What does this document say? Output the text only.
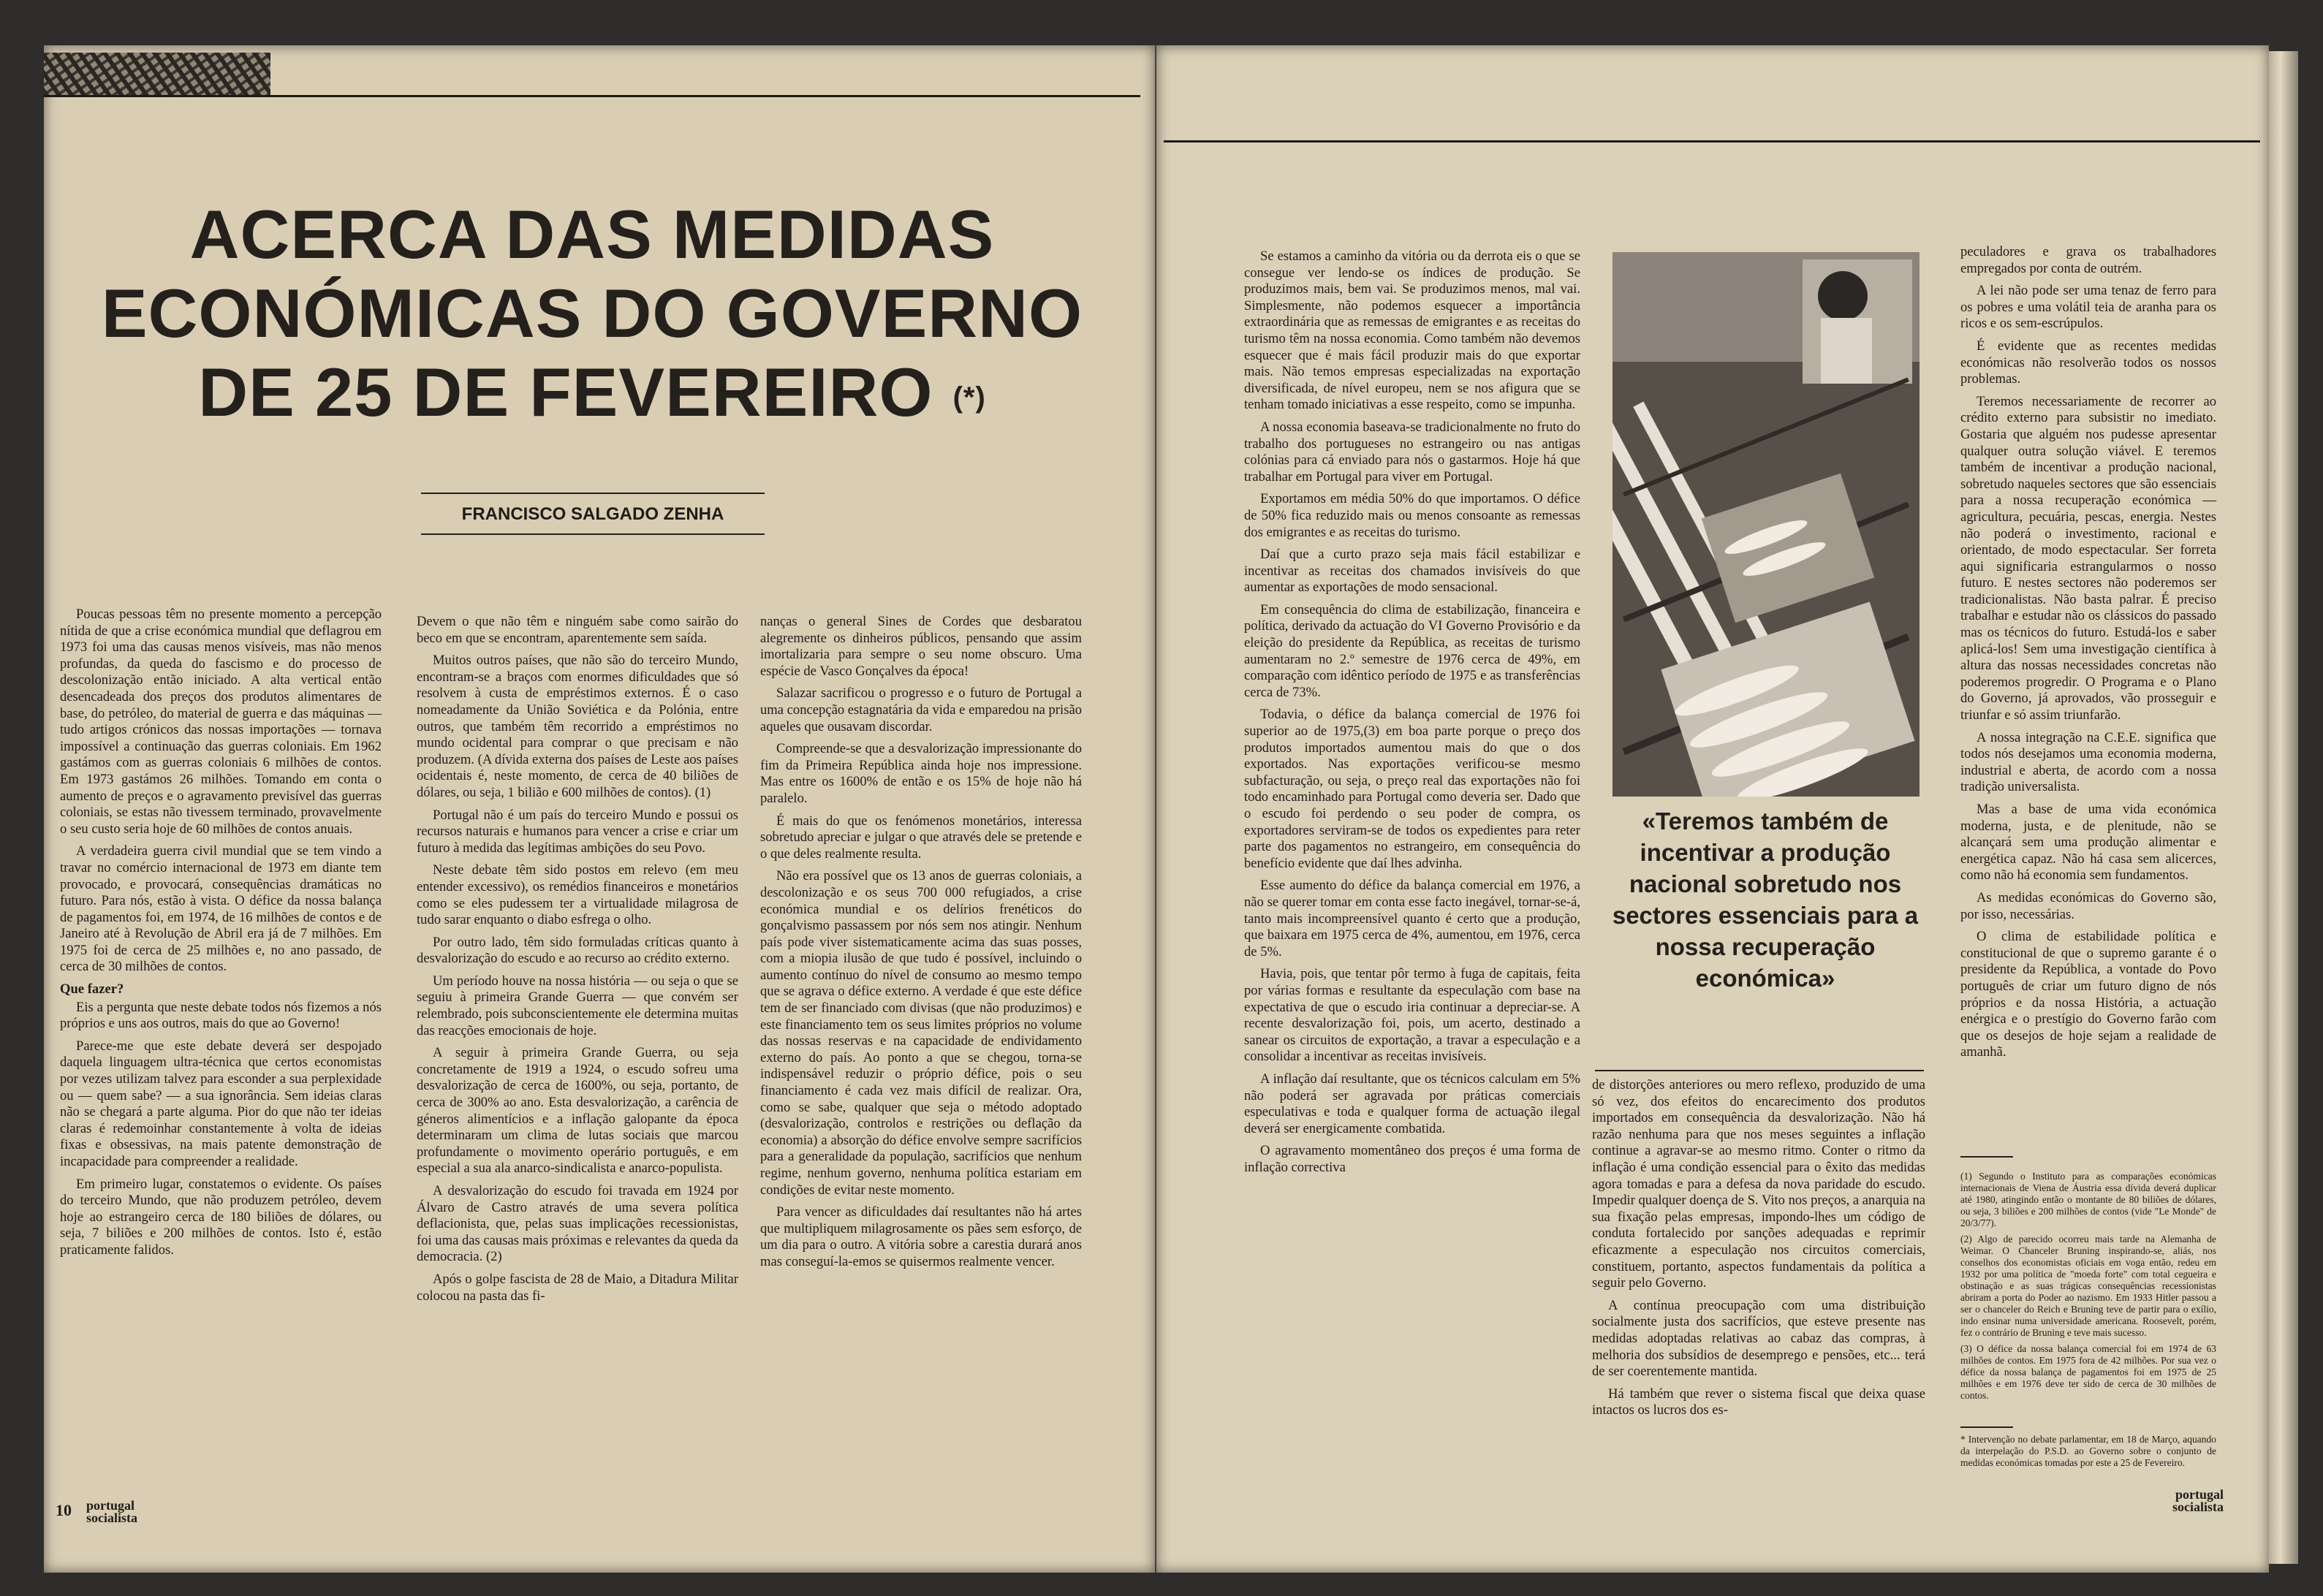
ACERCA DAS MEDIDAS
ECONÓMICAS DO GOVERNO
DE 25 DE FEVEREIRO (*)
FRANCISCO SALGADO ZENHA

Poucas pessoas têm no presente momento a percepção nítida de que a crise económica mundial que deflagrou em 1973 foi uma das causas menos visíveis, mas não menos profundas, da queda do fascismo e do processo de descolonização então iniciado. A alta vertical então desencadeada dos preços dos produtos alimentares de base, do petróleo, do material de guerra e das máquinas — tudo artigos crónicos das nossas importações — tornava impossível a continuação das guerras coloniais. Em 1962 gastámos com as guerras coloniais 6 milhões de contos. Em 1973 gastámos 26 milhões. Tomando em conta o aumento de preços e o agravamento previsível das guerras coloniais, se estas não tivessem terminado, provavelmente o seu custo seria hoje de 60 milhões de contos anuais.

A verdadeira guerra civil mundial que se tem vindo a travar no comércio internacional de 1973 em diante tem provocado, e provocará, consequências dramáticas no futuro. Para nós, estão à vista. O défice da nossa balança de pagamentos foi, em 1974, de 16 milhões de contos e de Janeiro até à Revolução de Abril era já de 7 milhões. Em 1975 foi de cerca de 25 milhões e, no ano passado, de cerca de 30 milhões de contos.

Que fazer?

Eis a pergunta que neste debate todos nós fizemos a nós próprios e uns aos outros, mais do que ao Governo!

Parece-me que este debate deverá ser despojado daquela linguagem ultra-técnica que certos economistas por vezes utilizam talvez para esconder a sua perplexidade ou — quem sabe? — a sua ignorância. Sem ideias claras não se chegará a parte alguma. Pior do que não ter ideias claras é redemoinhar constantemente à volta de ideias fixas e obsessivas, na mais patente demonstração de incapacidade para compreender a realidade.

Em primeiro lugar, constatemos o evidente. Os países do terceiro Mundo, que não produzem petróleo, devem hoje ao estrangeiro cerca de 180 biliões de dólares, ou seja, 7 biliões e 200 milhões de contos. Isto é, estão praticamente falidos.

Devem o que não têm e ninguém sabe como sairão do beco em que se encontram, aparentemente sem saída.

Muitos outros países, que não são do terceiro Mundo, encontram-se a braços com enormes dificuldades que só resolvem à custa de empréstimos externos. É o caso nomeadamente da União Soviética e da Polónia, entre outros, que também têm recorrido a empréstimos no mundo ocidental para comprar o que precisam e não produzem. (A dívida externa dos países de Leste aos países ocidentais é, neste momento, de cerca de 40 biliões de dólares, ou seja, 1 bilião e 600 milhões de contos). (1)

Portugal não é um país do terceiro Mundo e possui os recursos naturais e humanos para vencer a crise e criar um futuro à medida das legítimas ambições do seu Povo.

Neste debate têm sido postos em relevo (em meu entender excessivo), os remédios financeiros e monetários como se eles pudessem ter a virtualidade milagrosa de tudo sarar enquanto o diabo esfrega o olho.

Por outro lado, têm sido formuladas críticas quanto à desvalorização do escudo e ao recurso ao crédito externo.

Um período houve na nossa história — ou seja o que se seguiu à primeira Grande Guerra — que convém ser relembrado, pois subconscientemente ele determina muitas das reacções emocionais de hoje.

A seguir à primeira Grande Guerra, ou seja concretamente de 1919 a 1924, o escudo sofreu uma desvalorização de cerca de 1600%, ou seja, portanto, de cerca de 300% ao ano. Esta desvalorização, a carência de géneros alimentícios e a inflação galopante da época determinaram um clima de lutas sociais que marcou profundamente o movimento operário português, e em especial a sua ala anarco-sindicalista e anarco-populista.

A desvalorização do escudo foi travada em 1924 por Álvaro de Castro através de uma severa política deflacionista, que, pelas suas implicações recessionistas, foi uma das causas mais próximas e relevantes da queda da democracia. (2)

Após o golpe fascista de 28 de Maio, a Ditadura Militar colocou na pasta das fi-

nanças o general Sines de Cordes que desbaratou alegremente os dinheiros públicos, pensando que assim imortalizaria para sempre o seu nome obscuro. Uma espécie de Vasco Gonçalves da época!

Salazar sacrificou o progresso e o futuro de Portugal a uma concepção estagnatária da vida e emparedou na prisão aqueles que ousavam discordar.

Compreende-se que a desvalorização impressionante do fim da Primeira República ainda hoje nos impressione. Mas entre os 1600% de então e os 15% de hoje não há paralelo.

É mais do que os fenómenos monetários, interessa sobretudo apreciar e julgar o que através dele se pretende e o que deles realmente resulta.

Não era possível que os 13 anos de guerras coloniais, a descolonização e os seus 700 000 refugiados, a crise económica mundial e os delírios frenéticos do gonçalvismo passassem por nós sem nos atingir. Nenhum país pode viver sistematicamente acima das suas posses, com a miopia ilusão de que tudo é possível, incluindo o aumento contínuo do nível de consumo ao mesmo tempo que se agrava o défice externo. A verdade é que este défice tem de ser financiado com divisas (que não produzimos) e este financiamento tem os seus limites próprios no volume das nossas reservas e na capacidade de endividamento externo do país. Ao ponto a que se chegou, torna-se indispensável reduzir o próprio défice, pois o seu financiamento é cada vez mais difícil de realizar. Ora, como se sabe, qualquer que seja o método adoptado (desvalorização, controlos e restrições ou deflação da economia) a absorção do défice envolve sempre sacrifícios para a generalidade da população, sacrifícios que nenhum regime, nenhum governo, nenhuma política estariam em condições de evitar neste momento.

Para vencer as dificuldades daí resultantes não há artes que multipliquem milagrosamente os pães sem esforço, de um dia para o outro. A vitória sobre a carestia durará anos mas conseguí-la-emos se quisermos realmente vencer.

10 portugal
socialista

Se estamos a caminho da vitória ou da derrota eis o que se consegue ver lendo-se os índices de produção. Se produzimos mais, bem vai. Se produzimos menos, mal vai. Simplesmente, não podemos esquecer a importância extraordinária que as remessas de emigrantes e as receitas do turismo têm na nossa economia. Como também não devemos esquecer que é mais fácil produzir mais do que exportar mais. Não temos empresas especializadas na exportação diversificada, de nível europeu, nem se nos afigura que se tenham tomado iniciativas a esse respeito, como se impunha.

A nossa economia baseava-se tradicionalmente no fruto do trabalho dos portugueses no estrangeiro ou nas antigas colónias para cá enviado para nós o gastarmos. Hoje há que trabalhar em Portugal para viver em Portugal.

Exportamos em média 50% do que importamos. O défice de 50% fica reduzido mais ou menos consoante as remessas dos emigrantes e as receitas do turismo.

Daí que a curto prazo seja mais fácil estabilizar e incentivar as receitas dos chamados invisíveis do que aumentar as exportações de modo sensacional.

Em consequência do clima de estabilização, financeira e política, derivado da actuação do VI Governo Provisório e da eleição do presidente da República, as receitas de turismo aumentaram no 2.º semestre de 1976 cerca de 49%, em comparação com idêntico período de 1975 e as transferências cerca de 73%.

Todavia, o défice da balança comercial de 1976 foi superior ao de 1975,(3) em boa parte porque o preço dos produtos importados aumentou mais do que o dos exportados. Nas exportações verificou-se mesmo subfacturação, ou seja, o preço real das exportações não foi todo encaminhado para Portugal como deveria ser. Dado que o escudo foi perdendo o seu poder de compra, os exportadores serviram-se de todos os expedientes para reter parte dos pagamentos no estrangeiro, em consequência do benefício evidente que daí lhes advinha.

Esse aumento do défice da balança comercial em 1976, a não se querer tomar em conta esse facto inegável, tornar-se-á, tanto mais incompreensível quanto é certo que a produção, que baixara em 1975 cerca de 4%, aumentou, em 1976, cerca de 5%.

Havia, pois, que tentar pôr termo à fuga de capitais, feita por várias formas e resultante da especulação com base na expectativa de que o escudo iria continuar a depreciar-se. A recente desvalorização foi, pois, um acerto, destinado a sanear os circuitos de exportação, a travar a especulação e a consolidar a incentivar as receitas invisíveis.

A inflação daí resultante, que os técnicos calculam em 5% não poderá ser agravada por práticas comerciais especulativas e toda e qualquer forma de actuação ilegal deverá ser energicamente combatida.

O agravamento momentâneo dos preços é uma forma de inflação correctiva

«Teremos também de incentivar a produção nacional sobretudo nos sectores essenciais para a nossa recuperação económica»

de distorções anteriores ou mero reflexo, produzido de uma só vez, dos efeitos do encarecimento dos produtos importados em consequência da desvalorização. Não há razão nenhuma para que nos meses seguintes a inflação continue a agravar-se ao mesmo ritmo. Conter o ritmo da inflação é uma condição essencial para o êxito das medidas agora tomadas e para a defesa da nova paridade do escudo. Impedir qualquer doença de S. Vito nos preços, a anarquia na sua fixação pelas empresas, impondo-lhes um código de conduta fortalecido por sanções adequadas e reprimir eficazmente a especulação nos circuitos comerciais, constituem, portanto, aspectos fundamentais da política a seguir pelo Governo.

A contínua preocupação com uma distribuição socialmente justa dos sacrifícios, que esteve presente nas medidas adoptadas relativas ao cabaz das compras, à melhoria dos subsídios de desemprego e pensões, etc... terá de ser coerentemente mantida.

Há também que rever o sistema fiscal que deixa quase intactos os lucros dos es-

peculadores e grava os trabalhadores empregados por conta de outrém.

A lei não pode ser uma tenaz de ferro para os pobres e uma volátil teia de aranha para os ricos e os sem-escrúpulos.

É evidente que as recentes medidas económicas não resolverão todos os nossos problemas.

Teremos necessariamente de recorrer ao crédito externo para subsistir no imediato. Gostaria que alguém nos pudesse apresentar qualquer outra solução viável. E teremos também de incentivar a produção nacional, sobretudo naqueles sectores que são essenciais para a nossa recuperação económica — agricultura, pecuária, pescas, energia. Nestes não poderá o investimento, racional e orientado, de modo espectacular. Ser forreta aqui significaria estrangularmos o nosso futuro. E nestes sectores não poderemos ser tradicionalistas. Não basta palrar. É preciso trabalhar e estudar não os clássicos do passado mas os técnicos do futuro. Estudá-los e saber aplicá-los! Sem uma investigação científica à altura das nossas necessidades concretas não poderemos progredir. O Programa e o Plano do Governo, já aprovados, vão prosseguir e triunfar e só assim triunfarão.

A nossa integração na C.E.E. significa que todos nós desejamos uma economia moderna, industrial e aberta, de acordo com a nossa tradição universalista.

Mas a base de uma vida económica moderna, justa, e de plenitude, não se alcançará sem uma produção alimentar e energética capaz. Não há casa sem alicerces, como não há economia sem fundamentos.

As medidas económicas do Governo são, por isso, necessárias.

O clima de estabilidade política e constitucional de que o supremo garante é o presidente da República, a vontade do Povo português de criar um futuro digno de nós próprios e da nossa História, a actuação enérgica e o prestígio do Governo farão com que os desejos de hoje sejam a realidade de amanhã.

(1) Segundo o Instituto para as comparações económicas internacionais de Viena de Áustria essa dívida deverá duplicar até 1980, atingindo então o montante de 80 biliões de dólares, ou seja, 3 biliões e 200 milhões de contos (vide "Le Monde" de 20/3/77).

(2) Algo de parecido ocorreu mais tarde na Alemanha de Weimar. O Chanceler Bruning inspirando-se, aliás, nos conselhos dos economistas oficiais em voga então, redeu em 1932 por uma política de "moeda forte" com total cegueira e obstinação e as suas trágicas consequências recessionistas abriram a porta do Poder ao nazismo. Em 1933 Hitler passou a ser o chanceler do Reich e Bruning teve de partir para o exílio, indo ensinar numa universidade americana. Roosevelt, porém, fez o contrário de Bruning e teve mais sucesso.

(3) O défice da nossa balança comercial foi em 1974 de 63 milhões de contos. Em 1975 fora de 42 milhões. Por sua vez o défice da nossa balança de pagamentos foi em 1975 de 25 milhões e em 1976 deve ter sido de cerca de 30 milhões de contos.

* Intervenção no debate parlamentar, em 18 de Março, aquando da interpelação do P.S.D. ao Governo sobre o conjunto de medidas económicas tomadas por este a 25 de Fevereiro.

portugal
socialista
